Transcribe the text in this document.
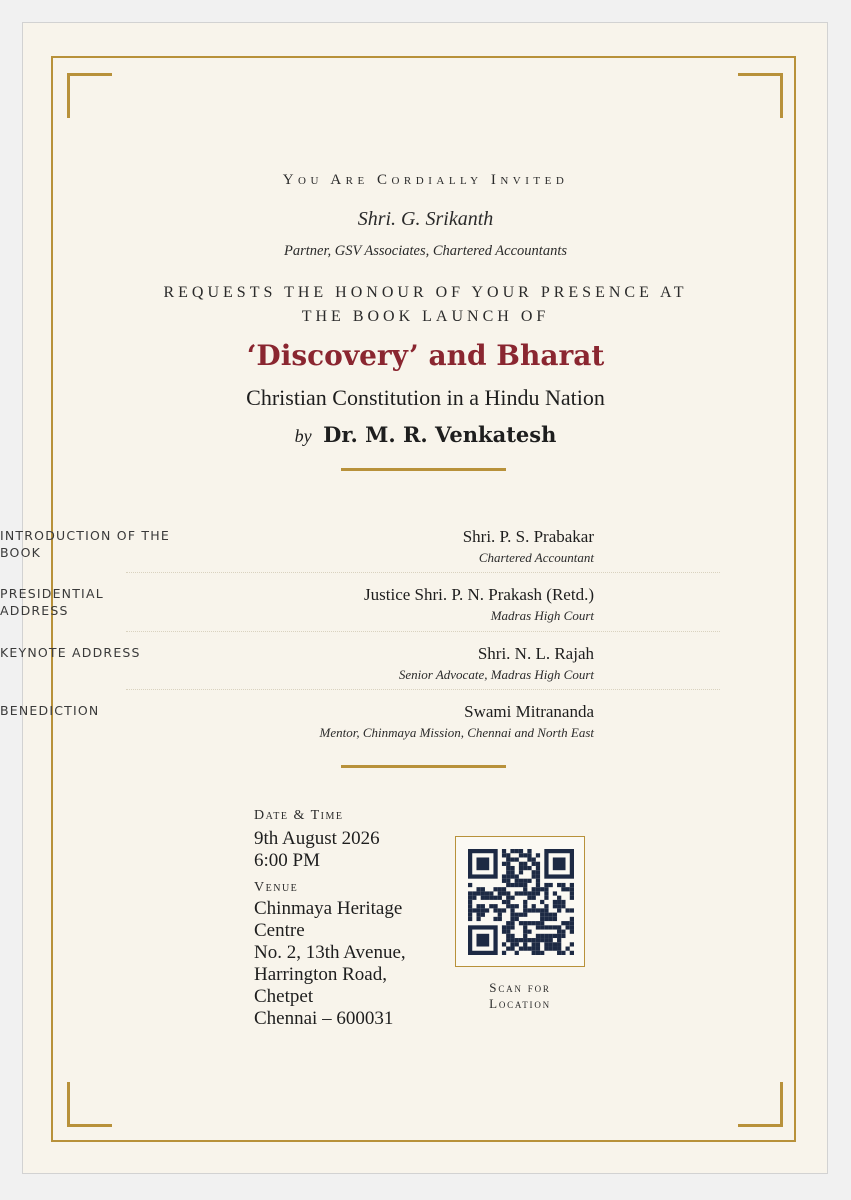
You Are Cordially Invited
Shri. G. Srikanth
Partner, GSV Associates, Chartered Accountants
REQUESTS THE HONOUR OF YOUR PRESENCE AT
THE BOOK LAUNCH OF
‘Discovery’ and Bharat
Christian Constitution in a Hindu Nation
by Dr. M. R. Venkatesh
INTRODUCTION OF THE BOOK
Shri. P. S. Prabakar
Chartered Accountant
PRESIDENTIAL ADDRESS
Justice Shri. P. N. Prakash (Retd.)
Madras High Court
KEYNOTE ADDRESS	Shri. N. L. Rajah
Senior Advocate, Madras High Court
BENEDICTION	Swami Mitrananda
Mentor, Chinmaya Mission, Chennai and North East
Date & Time
9th August 2026
6:00 PM
Venue
Chinmaya Heritage
Centre
No. 2, 13th Avenue,
Harrington Road,
Chetpet
Chennai – 600031
Scan for
Location
